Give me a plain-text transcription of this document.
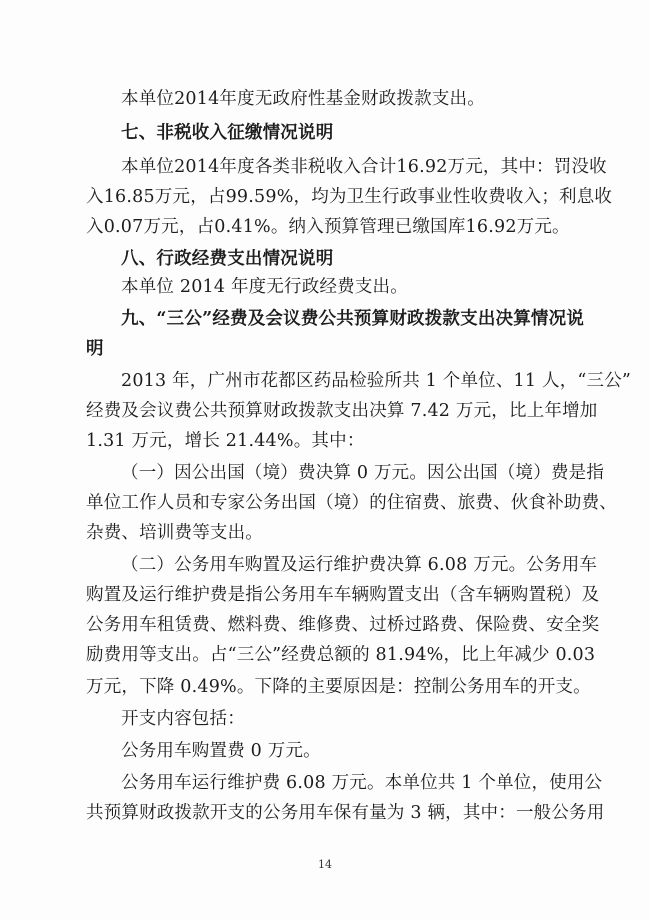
本单位2014年度无政府性基金财政拨款支出。
七、非税收入征缴情况说明
本单位2014年度各类非税收入合计16.92万元，其中：罚没收
入16.85万元，占99.59%，均为卫生行政事业性收费收入；利息收
入0.07万元，占0.41%。纳入预算管理已缴国库16.92万元。
八、行政经费支出情况说明
本单位 2014 年度无行政经费支出。
九、“三公”经费及会议费公共预算财政拨款支出决算情况说
明
2013 年，广州市花都区药品检验所共 1 个单位、11 人，“三公”
经费及会议费公共预算财政拨款支出决算 7.42 万元，比上年增加
1.31 万元，增长 21.44%。其中：
（一）因公出国（境）费决算 0 万元。因公出国（境）费是指
单位工作人员和专家公务出国（境）的住宿费、旅费、伙食补助费、
杂费、培训费等支出。
（二）公务用车购置及运行维护费决算 6.08 万元。公务用车
购置及运行维护费是指公务用车车辆购置支出（含车辆购置税）及
公务用车租赁费、燃料费、维修费、过桥过路费、保险费、安全奖
励费用等支出。占“三公”经费总额的 81.94%，比上年减少 0.03
万元，下降 0.49%。下降的主要原因是：控制公务用车的开支。
开支内容包括：
公务用车购置费 0 万元。
公务用车运行维护费 6.08 万元。本单位共 1 个单位，使用公
共预算财政拨款开支的公务用车保有量为 3 辆，其中：一般公务用
14
